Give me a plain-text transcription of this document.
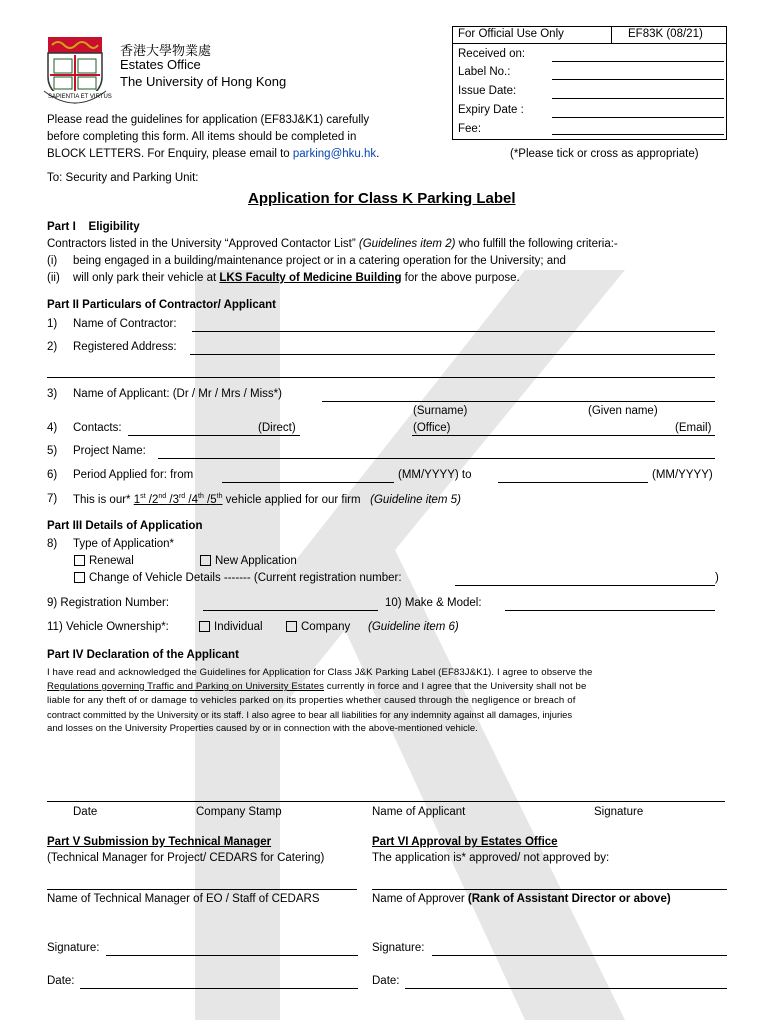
SAPIENTIA ET VIRTUS
香港大學物業處
Estates Office
The University of Hong Kong
Please read the guidelines for application (EF83J&K1) carefully
before completing this form. All items should be completed in
BLOCK LETTERS. For Enquiry, please email to parking@hku.hk.
For Official Use Only	EF83K (08/21)
Received on:
Label No.:
Issue Date:
Expiry Date :
Fee:
(*Please tick or cross as appropriate)
To: Security and Parking Unit:
Application for Class K Parking Label
Part I Eligibility
Contractors listed in the University “Approved Contactor List” (Guidelines item 2) who fulfill the following criteria:-
(i) being engaged in a building/maintenance project or in a catering operation for the University; and
(ii) will only park their vehicle at LKS Faculty of Medicine Building for the above purpose.
Part II Particulars of Contractor/ Applicant
1) Name of Contractor:
2) Registered Address:
3) Name of Applicant: (Dr / Mr / Mrs / Miss*)
(Surname)	(Given name)
4) Contacts:	(Direct)	(Office)	(Email)
5) Project Name:
6) Period Applied for: from	(MM/YYYY) to	(MM/YYYY)
7) This is our* 1st /2nd /3rd /4th /5th vehicle applied for our firm (Guideline item 5)
Part III Details of Application
8) Type of Application*
Renewal	New Application
Change of Vehicle Details ------- (Current registration number:	)
9) Registration Number:	10) Make & Model:
11) Vehicle Ownership*:	Individual	Company (Guideline item 6)
Part IV Declaration of the Applicant
I have read and acknowledged the Guidelines for Application for Class J&K Parking Label (EF83J&K1). I agree to observe the
Regulations governing Traffic and Parking on University Estates currently in force and I agree that the University shall not be
liable for any theft of or damage to vehicles parked on its properties whether caused through the negligence or breach of
contract committed by the University or its staff. I also agree to bear all liabilities for any indemnity against all damages, injuries
and losses on the University Properties caused by or in connection with the above-mentioned vehicle.
Date	Company Stamp	Name of Applicant	Signature
Part V Submission by Technical Manager
(Technical Manager for Project/ CEDARS for Catering)
Name of Technical Manager of EO / Staff of CEDARS
Signature:
Date:
Part VI Approval by Estates Office
The application is* approved/ not approved by:
Name of Approver (Rank of Assistant Director or above)
Signature:
Date:
